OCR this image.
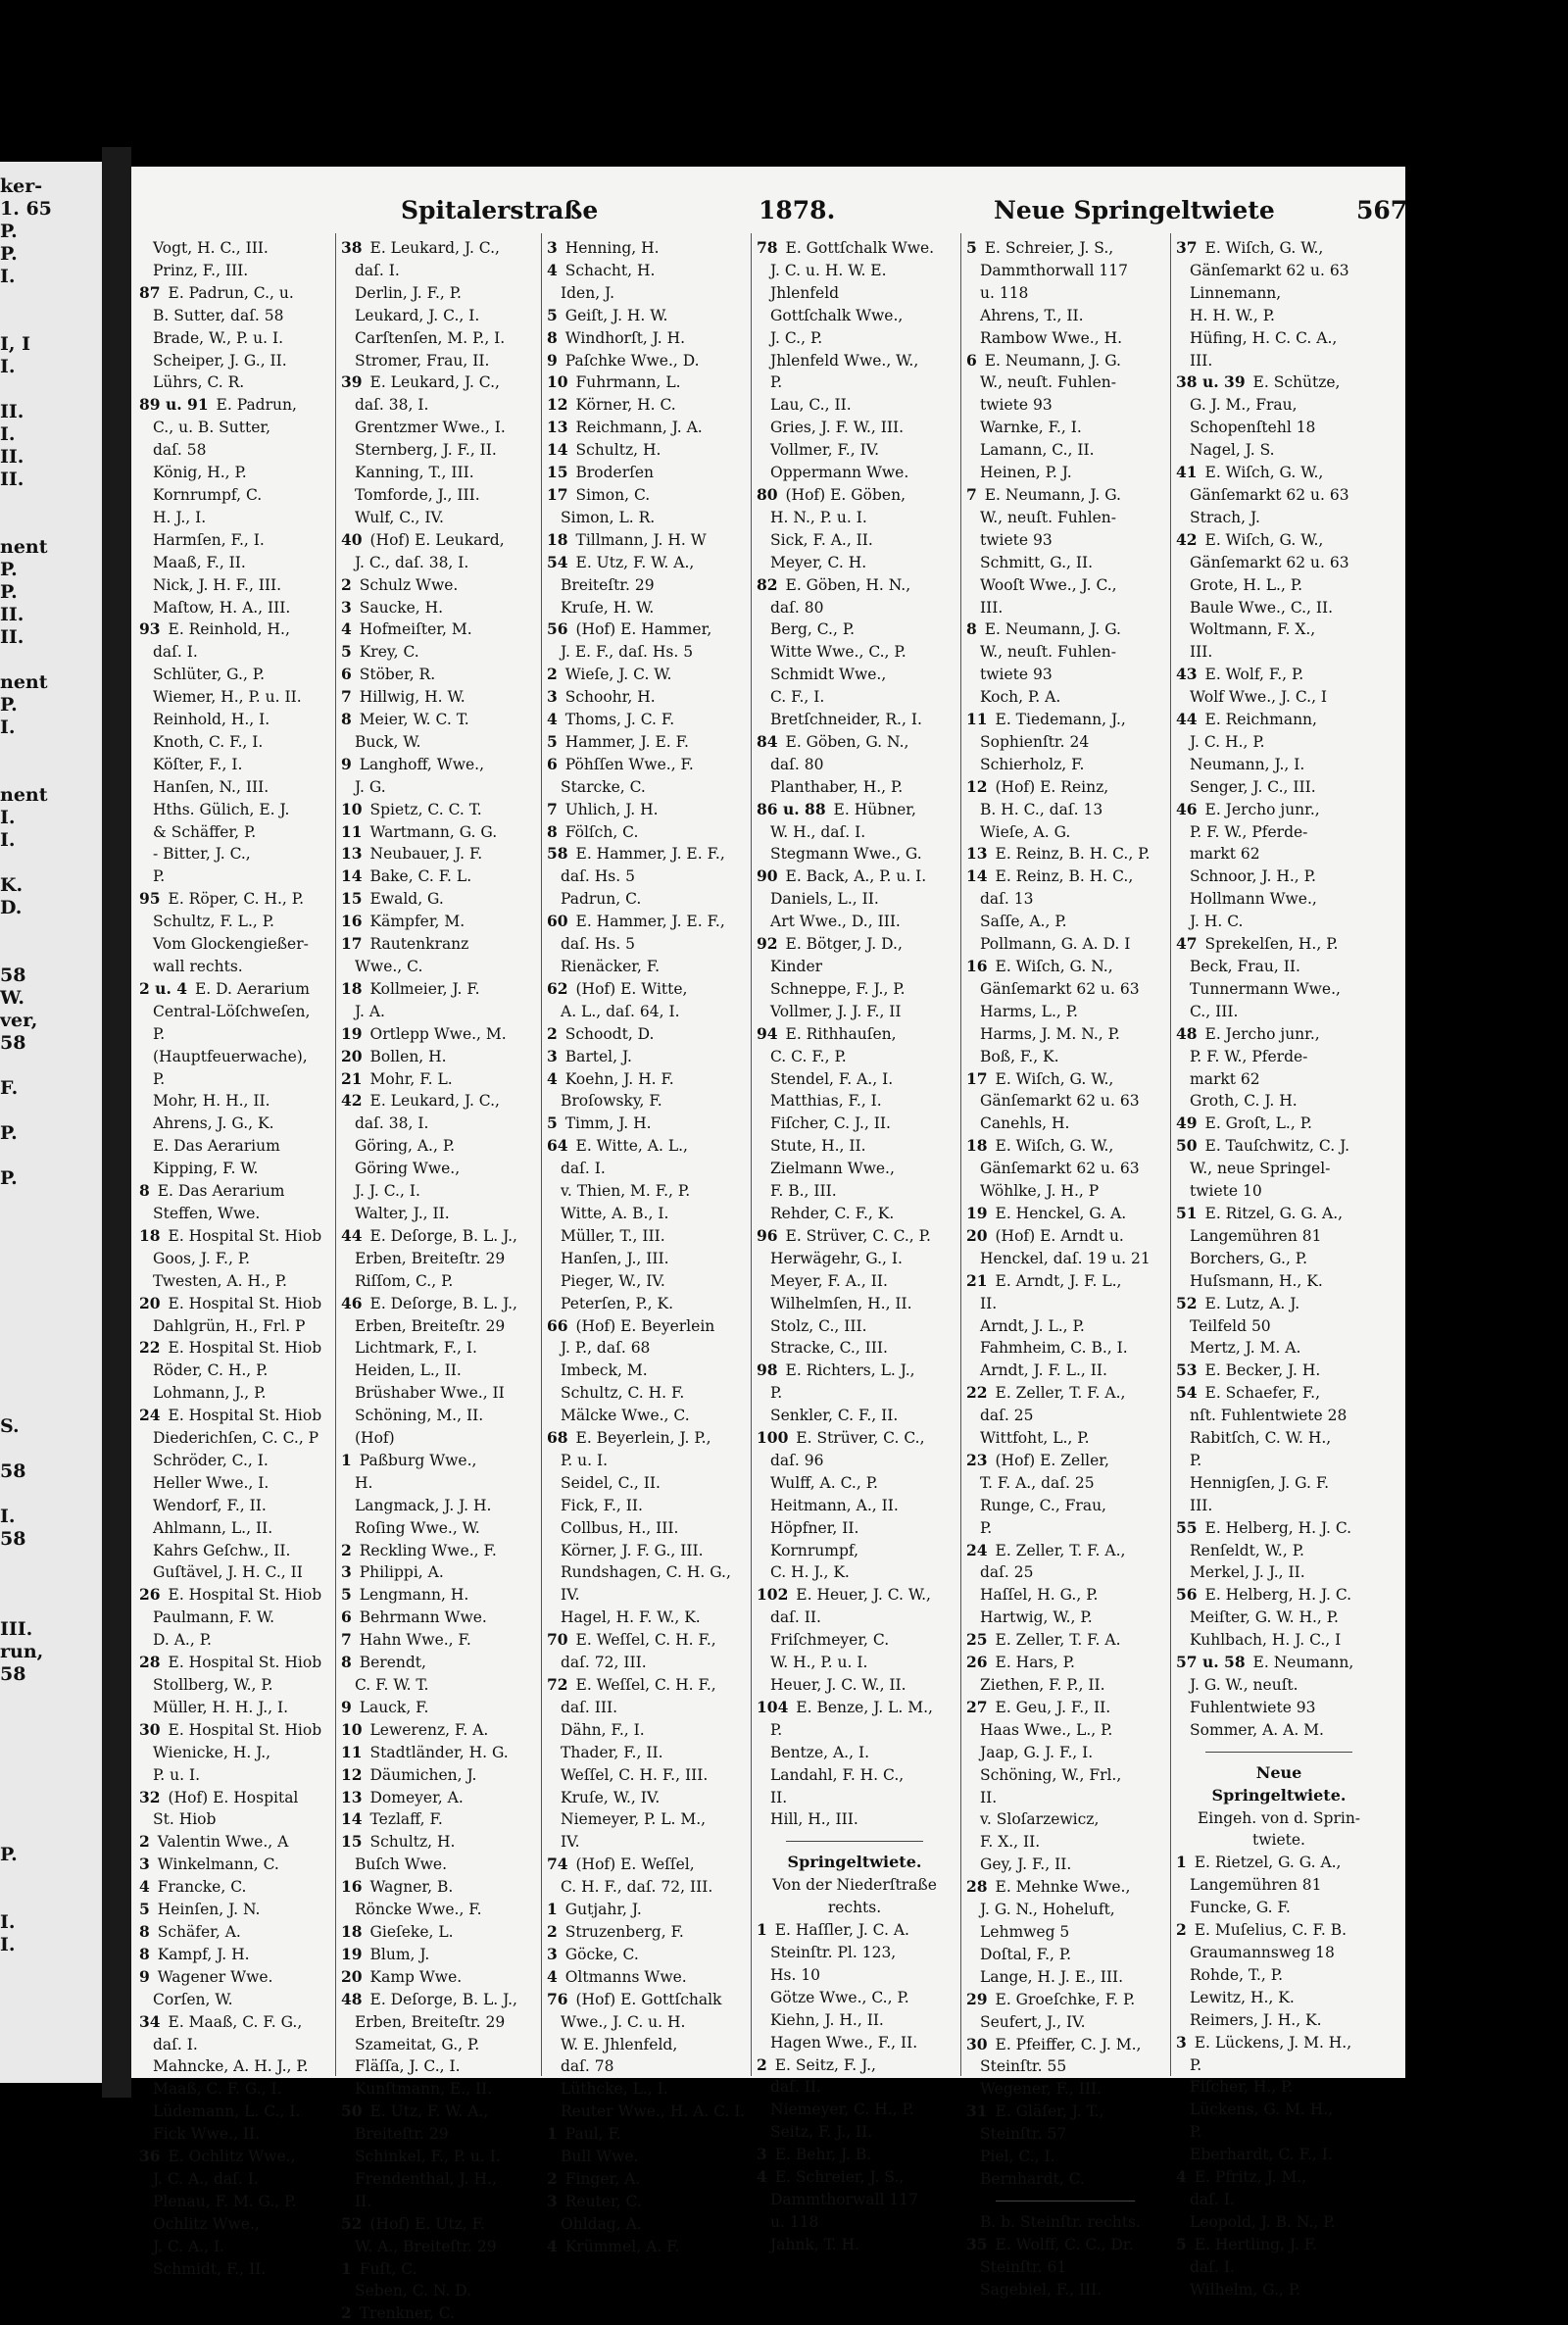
ker-
1. 65
P.
P.
I.
I, I
I.
II.
I.
II.
II.
nent
P.
P.
II.
II.
nent
P.
I.
nent
I.
I.
K.
D.
58
W.
ver,
58
F.
P.
P.
S.
58
I.
58
III.
run,
58
P.
I.
I.
Spitalerstraße	1878.	Neue Springeltwiete	567
Vogt, H. C., III.
Prinz, F., III.
87 E. Padrun, C., u.
B. Sutter, daſ. 58
Brade, W., P. u. I.
Scheiper, J. G., II.
Lührs, C. R.
89 u. 91 E. Padrun,
C., u. B. Sutter,
daſ. 58
König, H., P.
Kornrumpf, C.
H. J., I.
Harmſen, F., I.
Maaß, F., II.
Nick, J. H. F., III.
Maſtow, H. A., III.
93 E. Reinhold, H.,
daſ. I.
Schlüter, G., P.
Wiemer, H., P. u. II.
Reinhold, H., I.
Knoth, C. F., I.
Köſter, F., I.
Hanſen, N., III.
Hths. Gülich, E. J.
& Schäffer, P.
- Bitter, J. C.,
P.
95 E. Röper, C. H., P.
Schultz, F. L., P.
Vom Glockengießer-
wall rechts.
2 u. 4 E. D. Aerarium
Central-Löſchweſen,
P.
(Hauptfeuerwache),
P.
Mohr, H. H., II.
Ahrens, J. G., K.
E. Das Aerarium
Kipping, F. W.
8 E. Das Aerarium
Steffen, Wwe.
18 E. Hospital St. Hiob
Goos, J. F., P.
Twesten, A. H., P.
20 E. Hospital St. Hiob
Dahlgrün, H., Frl. P
22 E. Hospital St. Hiob
Röder, C. H., P.
Lohmann, J., P.
24 E. Hospital St. Hiob
Diederichſen, C. C., P
Schröder, C., I.
Heller Wwe., I.
Wendorf, F., II.
Ahlmann, L., II.
Kahrs Geſchw., II.
Guſtävel, J. H. C., II
26 E. Hospital St. Hiob
Paulmann, F. W.
D. A., P.
28 E. Hospital St. Hiob
Stollberg, W., P.
Müller, H. H. J., I.
30 E. Hospital St. Hiob
Wienicke, H. J.,
P. u. I.
32 (Hof) E. Hospital
St. Hiob
2 Valentin Wwe., A
3 Winkelmann, C.
4 Francke, C.
5 Heinſen, J. N.
8 Schäfer, A.
8 Kampf, J. H.
9 Wagener Wwe.
Corſen, W.
34 E. Maaß, C. F. G.,
daſ. I.
Mahncke, A. H. J., P.
Maaß, C. F. G., I.
Lüdemann, L. C., I.
Fick Wwe., II.
36 E. Ochlitz Wwe.,
J. C. A., daſ. I.
Plenau, F. M. G., P.
Ochlitz Wwe.,
J. C. A., I.
Schmidt, F., II.
38 E. Leukard, J. C.,
daſ. I.
Derlin, J. F., P.
Leukard, J. C., I.
Carſtenſen, M. P., I.
Stromer, Frau, II.
39 E. Leukard, J. C.,
daſ. 38, I.
Grentzmer Wwe., I.
Sternberg, J. F., II.
Kanning, T., III.
Tomforde, J., III.
Wulf, C., IV.
40 (Hof) E. Leukard,
J. C., daſ. 38, I.
2 Schulz Wwe.
3 Saucke, H.
4 Hofmeiſter, M.
5 Krey, C.
6 Stöber, R.
7 Hillwig, H. W.
8 Meier, W. C. T.
Buck, W.
9 Langhoff, Wwe.,
J. G.
10 Spietz, C. C. T.
11 Wartmann, G. G.
13 Neubauer, J. F.
14 Bake, C. F. L.
15 Ewald, G.
16 Kämpfer, M.
17 Rautenkranz
Wwe., C.
18 Kollmeier, J. F.
J. A.
19 Ortlepp Wwe., M.
20 Bollen, H.
21 Mohr, F. L.
42 E. Leukard, J. C.,
daſ. 38, I.
Göring, A., P.
Göring Wwe.,
J. J. C., I.
Walter, J., II.
44 E. Deſorge, B. L. J.,
Erben, Breiteſtr. 29
Riſſom, C., P.
46 E. Deſorge, B. L. J.,
Erben, Breiteſtr. 29
Lichtmark, F., I.
Heiden, L., II.
Brüshaber Wwe., II
Schöning, M., II.
(Hof)
1 Paßburg Wwe.,
H.
Langmack, J. J. H.
Roſing Wwe., W.
2 Reckling Wwe., F.
3 Philippi, A.
5 Lengmann, H.
6 Behrmann Wwe.
7 Hahn Wwe., F.
8 Berendt,
C. F. W. T.
9 Lauck, F.
10 Lewerenz, F. A.
11 Stadtländer, H. G.
12 Däumichen, J.
13 Domeyer, A.
14 Tezlaff, F.
15 Schultz, H.
Buſch Wwe.
16 Wagner, B.
Röncke Wwe., F.
18 Gieſeke, L.
19 Blum, J.
20 Kamp Wwe.
48 E. Deſorge, B. L. J.,
Erben, Breiteſtr. 29
Szameitat, G., P.
Fläſſa, J. C., I.
Kunſtmann, E., II.
50 E. Utz, F. W. A.,
Breiteſtr. 29
Schinkel, F., P. u. I.
Frendenthal, J. H.,
II.
52 (Hof) E. Utz, F.
W. A., Breiteſtr. 29
1 Fuſt, C.
Seben, C. N. D.
2 Trenkner, C.
3 Henning, H.
4 Schacht, H.
Iden, J.
5 Geiſt, J. H. W.
8 Windhorſt, J. H.
9 Paſchke Wwe., D.
10 Fuhrmann, L.
12 Körner, H. C.
13 Reichmann, J. A.
14 Schultz, H.
15 Broderſen
17 Simon, C.
Simon, L. R.
18 Tillmann, J. H. W
54 E. Utz, F. W. A.,
Breiteſtr. 29
Kruſe, H. W.
56 (Hof) E. Hammer,
J. E. F., daſ. Hs. 5
2 Wieſe, J. C. W.
3 Schoohr, H.
4 Thoms, J. C. F.
5 Hammer, J. E. F.
6 Pöhſſen Wwe., F.
Starcke, C.
7 Uhlich, J. H.
8 Fölſch, C.
58 E. Hammer, J. E. F.,
daſ. Hs. 5
Padrun, C.
60 E. Hammer, J. E. F.,
daſ. Hs. 5
Rienäcker, F.
62 (Hof) E. Witte,
A. L., daſ. 64, I.
2 Schoodt, D.
3 Bartel, J.
4 Koehn, J. H. F.
Broſowsky, F.
5 Timm, J. H.
64 E. Witte, A. L.,
daſ. I.
v. Thien, M. F., P.
Witte, A. B., I.
Müller, T., III.
Hanſen, J., III.
Pieger, W., IV.
Peterſen, P., K.
66 (Hof) E. Beyerlein
J. P., daſ. 68
Imbeck, M.
Schultz, C. H. F.
Mälcke Wwe., C.
68 E. Beyerlein, J. P.,
P. u. I.
Seidel, C., II.
Fick, F., II.
Collbus, H., III.
Körner, J. F. G., III.
Rundshagen, C. H. G.,
IV.
Hagel, H. F. W., K.
70 E. Weſſel, C. H. F.,
daſ. 72, III.
72 E. Weſſel, C. H. F.,
daſ. III.
Dähn, F., I.
Thader, F., II.
Weſſel, C. H. F., III.
Kruſe, W., IV.
Niemeyer, P. L. M.,
IV.
74 (Hof) E. Weſſel,
C. H. F., daſ. 72, III.
1 Gutjahr, J.
2 Struzenberg, F.
3 Göcke, C.
4 Oltmanns Wwe.
76 (Hof) E. Gottſchalk
Wwe., J. C. u. H.
W. E. Jhlenfeld,
daſ. 78
Lüthcke, L., I.
Reuter Wwe., H. A. C. I.
1 Paul, F.
Bull Wwe.
2 Finger, A.
3 Reuter, C.
Ohldag, A.
4 Krümmel, A. F.
78 E. Gottſchalk Wwe.
J. C. u. H. W. E.
Jhlenfeld
Gottſchalk Wwe.,
J. C., P.
Jhlenfeld Wwe., W.,
P.
Lau, C., II.
Gries, J. F. W., III.
Vollmer, F., IV.
Oppermann Wwe.
80 (Hof) E. Göben,
H. N., P. u. I.
Sick, F. A., II.
Meyer, C. H.
82 E. Göben, H. N.,
daſ. 80
Berg, C., P.
Witte Wwe., C., P.
Schmidt Wwe.,
C. F., I.
Bretſchneider, R., I.
84 E. Göben, G. N.,
daſ. 80
Planthaber, H., P.
86 u. 88 E. Hübner,
W. H., daſ. I.
Stegmann Wwe., G.
90 E. Back, A., P. u. I.
Daniels, L., II.
Art Wwe., D., III.
92 E. Bötger, J. D.,
Kinder
Schneppe, F. J., P.
Vollmer, J. J. F., II
94 E. Rithhauſen,
C. C. F., P.
Stendel, F. A., I.
Matthias, F., I.
Fiſcher, C. J., II.
Stute, H., II.
Zielmann Wwe.,
F. B., III.
Rehder, C. F., K.
96 E. Strüver, C. C., P.
Herwägehr, G., I.
Meyer, F. A., II.
Wilhelmſen, H., II.
Stolz, C., III.
Stracke, C., III.
98 E. Richters, L. J.,
P.
Senkler, C. F., II.
100 E. Strüver, C. C.,
daſ. 96
Wulff, A. C., P.
Heitmann, A., II.
Höpfner, II.
Kornrumpf,
C. H. J., K.
102 E. Heuer, J. C. W.,
daſ. II.
Friſchmeyer, C.
W. H., P. u. I.
Heuer, J. C. W., II.
104 E. Benze, J. L. M.,
P.
Bentze, A., I.
Landahl, F. H. C.,
II.
Hill, H., III.
Springeltwiete.
Von der Niederſtraße
rechts.
1 E. Haſſler, J. C. A.
Steinſtr. Pl. 123,
Hs. 10
Götze Wwe., C., P.
Kiehn, J. H., II.
Hagen Wwe., F., II.
2 E. Seitz, F. J.,
daſ. II.
Niemeyer, C. H., P.
Seitz, F. J., II.
3 E. Behr, J. B.
4 E. Schreier, J. S.,
Dammthorwall 117
u. 118
Jahnk, T. H.
5 E. Schreier, J. S.,
Dammthorwall 117
u. 118
Ahrens, T., II.
Rambow Wwe., H.
6 E. Neumann, J. G.
W., neuſt. Fuhlen-
twiete 93
Warnke, F., I.
Lamann, C., II.
Heinen, P. J.
7 E. Neumann, J. G.
W., neuſt. Fuhlen-
twiete 93
Schmitt, G., II.
Wooſt Wwe., J. C.,
III.
8 E. Neumann, J. G.
W., neuſt. Fuhlen-
twiete 93
Koch, P. A.
11 E. Tiedemann, J.,
Sophienſtr. 24
Schierholz, F.
12 (Hof) E. Reinz,
B. H. C., daſ. 13
Wieſe, A. G.
13 E. Reinz, B. H. C., P.
14 E. Reinz, B. H. C.,
daſ. 13
Saſſe, A., P.
Pollmann, G. A. D. I
16 E. Wiſch, G. N.,
Gänſemarkt 62 u. 63
Harms, L., P.
Harms, J. M. N., P.
Boß, F., K.
17 E. Wiſch, G. W.,
Gänſemarkt 62 u. 63
Canehls, H.
18 E. Wiſch, G. W.,
Gänſemarkt 62 u. 63
Wöhlke, J. H., P
19 E. Henckel, G. A.
20 (Hof) E. Arndt u.
Henckel, daſ. 19 u. 21
21 E. Arndt, J. F. L.,
II.
Arndt, J. L., P.
Fahmheim, C. B., I.
Arndt, J. F. L., II.
22 E. Zeller, T. F. A.,
daſ. 25
Wittfoht, L., P.
23 (Hof) E. Zeller,
T. F. A., daſ. 25
Runge, C., Frau,
P.
24 E. Zeller, T. F. A.,
daſ. 25
Haſſel, H. G., P.
Hartwig, W., P.
25 E. Zeller, T. F. A.
26 E. Hars, P.
Ziethen, F. P., II.
27 E. Geu, J. F., II.
Haas Wwe., L., P.
Jaap, G. J. F., I.
Schöning, W., Frl.,
II.
v. Sloſarzewicz,
F. X., II.
Gey, J. F., II.
28 E. Mehnke Wwe.,
J. G. N., Hoheluft,
Lehmweg 5
Doſtal, F., P.
Lange, H. J. E., III.
29 E. Groeſchke, F. P.
Seufert, J., IV.
30 E. Pfeiffer, C. J. M.,
Steinſtr. 55
Wegener, F., III.
31 E. Gläſer, J. T.,
Steinſtr. 57
Piel, C., I.
Bernhardt, C.
B. b. Steinſtr. rechts.
35 E. Wolff, C. C., Dr.
Steinſtr. 61
Sagebiel, F., III.
37 E. Wiſch, G. W.,
Gänſemarkt 62 u. 63
Linnemann,
H. H. W., P.
Hüfing, H. C. C. A.,
III.
38 u. 39 E. Schütze,
G. J. M., Frau,
Schopenſtehl 18
Nagel, J. S.
41 E. Wiſch, G. W.,
Gänſemarkt 62 u. 63
Strach, J.
42 E. Wiſch, G. W.,
Gänſemarkt 62 u. 63
Grote, H. L., P.
Baule Wwe., C., II.
Woltmann, F. X.,
III.
43 E. Wolf, F., P.
Wolf Wwe., J. C., I
44 E. Reichmann,
J. C. H., P.
Neumann, J., I.
Senger, J. C., III.
46 E. Jercho junr.,
P. F. W., Pferde-
markt 62
Schnoor, J. H., P.
Hollmann Wwe.,
J. H. C.
47 Sprekelſen, H., P.
Beck, Frau, II.
Tunnermann Wwe.,
C., III.
48 E. Jercho junr.,
P. F. W., Pferde-
markt 62
Groth, C. J. H.
49 E. Groſt, L., P.
50 E. Tauſchwitz, C. J.
W., neue Springel-
twiete 10
51 E. Ritzel, G. G. A.,
Langemühren 81
Borchers, G., P.
Huſsmann, H., K.
52 E. Lutz, A. J.
Teilfeld 50
Mertz, J. M. A.
53 E. Becker, J. H.
54 E. Schaefer, F.,
nſt. Fuhlentwiete 28
Rabitſch, C. W. H.,
P.
Hennigſen, J. G. F.
III.
55 E. Helberg, H. J. C.
Renſeldt, W., P.
Merkel, J. J., II.
56 E. Helberg, H. J. C.
Meiſter, G. W. H., P.
Kuhlbach, H. J. C., I
57 u. 58 E. Neumann,
J. G. W., neuſt.
Fuhlentwiete 93
Sommer, A. A. M.
Neue
Springeltwiete.
Eingeh. von d. Sprin-
twiete.
1 E. Rietzel, G. G. A.,
Langemühren 81
Funcke, G. F.
2 E. Muſelius, C. F. B.
Graumannsweg 18
Rohde, T., P.
Lewitz, H., K.
Reimers, J. H., K.
3 E. Lückens, J. M. H.,
P.
Fiſcher, H., P.
Lückens, G. M. H.,
P.
Eberhardt, C. F., I.
4 E. Pfritz, J. M.,
daſ. I.
Leopold, J. B. N., P.
5 E. Hertling, J. F.
daſ. I.
Wilhelm, G., P.
